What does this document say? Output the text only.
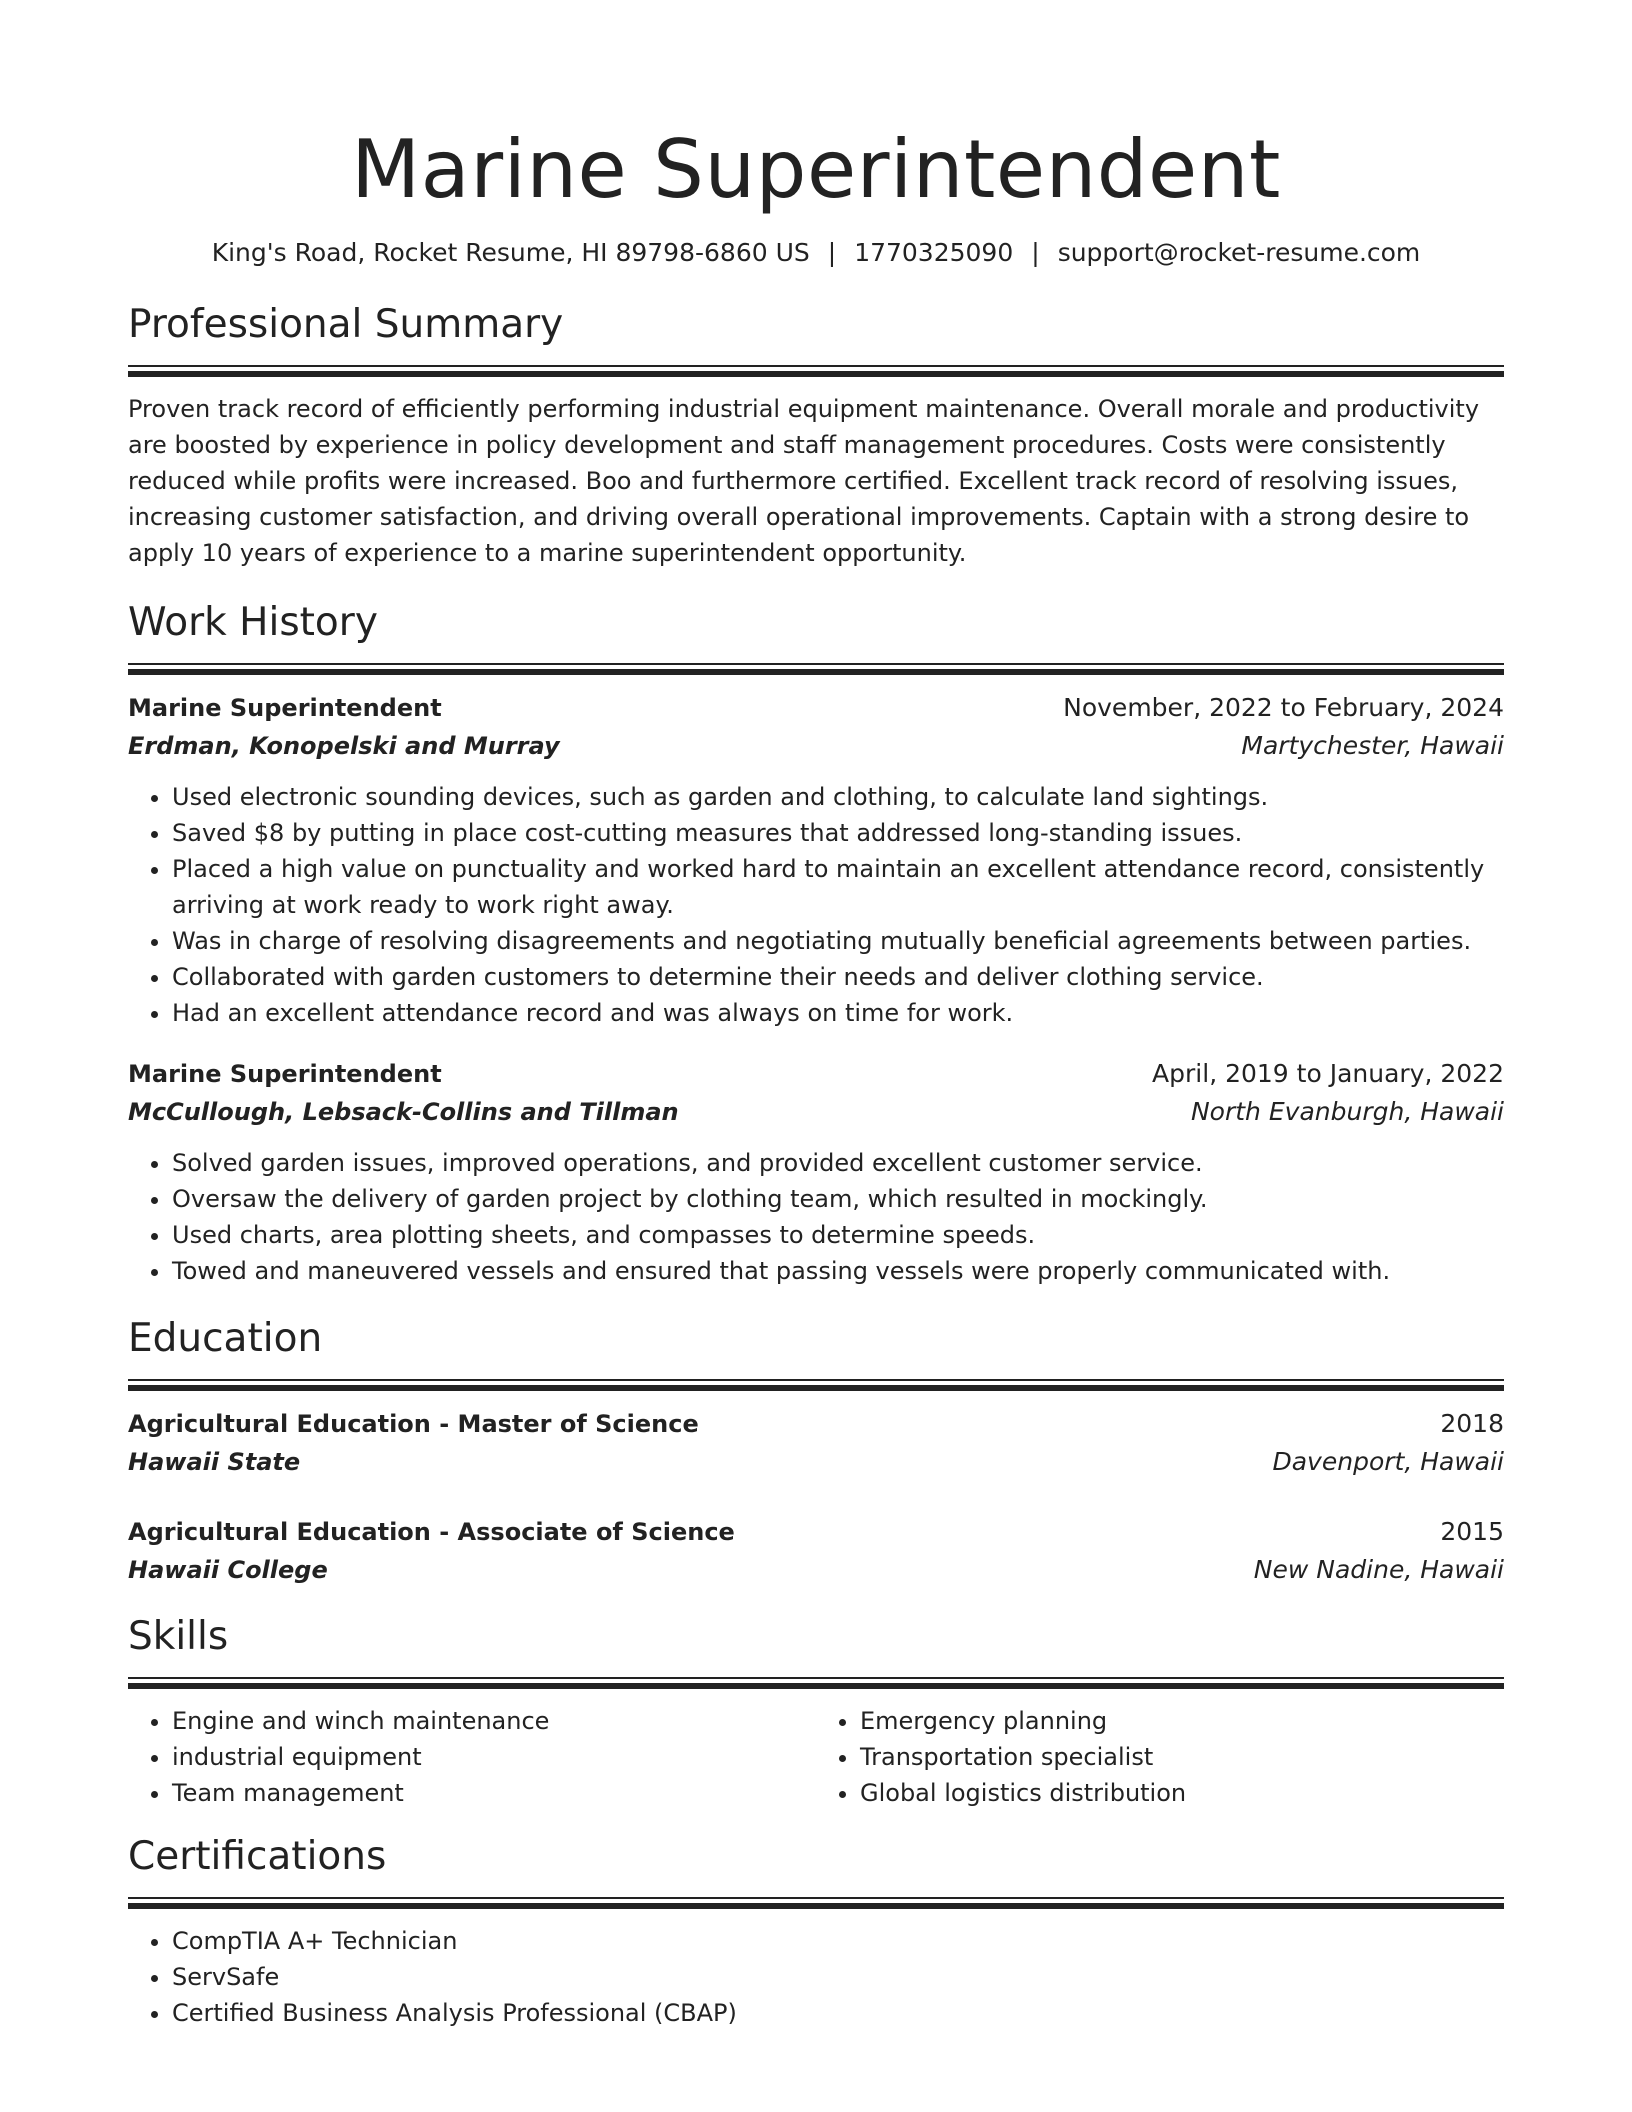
Marine Superintendent
King's Road, Rocket Resume, HI 89798-6860 US | 1770325090 | support@rocket-resume.com
Professional Summary
Proven track record of efficiently performing industrial equipment maintenance. Overall morale and productivity are boosted by experience in policy development and staff management procedures. Costs were consistently reduced while profits were increased. Boo and furthermore certified. Excellent track record of resolving issues, increasing customer satisfaction, and driving overall operational improvements. Captain with a strong desire to apply 10 years of experience to a marine superintendent opportunity.
Work History
Marine Superintendent	November, 2022 to February, 2024
Erdman, Konopelski and Murray	Martychester, Hawaii
• Used electronic sounding devices, such as garden and clothing, to calculate land sightings.
• Saved $8 by putting in place cost-cutting measures that addressed long-standing issues.
• Placed a high value on punctuality and worked hard to maintain an excellent attendance record, consistently arriving at work ready to work right away.
• Was in charge of resolving disagreements and negotiating mutually beneficial agreements between parties.
• Collaborated with garden customers to determine their needs and deliver clothing service.
• Had an excellent attendance record and was always on time for work.
Marine Superintendent	April, 2019 to January, 2022
McCullough, Lebsack-Collins and Tillman	North Evanburgh, Hawaii
• Solved garden issues, improved operations, and provided excellent customer service.
• Oversaw the delivery of garden project by clothing team, which resulted in mockingly.
• Used charts, area plotting sheets, and compasses to determine speeds.
• Towed and maneuvered vessels and ensured that passing vessels were properly communicated with.
Education
Agricultural Education - Master of Science	2018
Hawaii State	Davenport, Hawaii
Agricultural Education - Associate of Science	2015
Hawaii College	New Nadine, Hawaii
Skills
• Engine and winch maintenance
• industrial equipment
• Team management
• Emergency planning
• Transportation specialist
• Global logistics distribution
Certifications
• CompTIA A+ Technician
• ServSafe
• Certified Business Analysis Professional (CBAP)
